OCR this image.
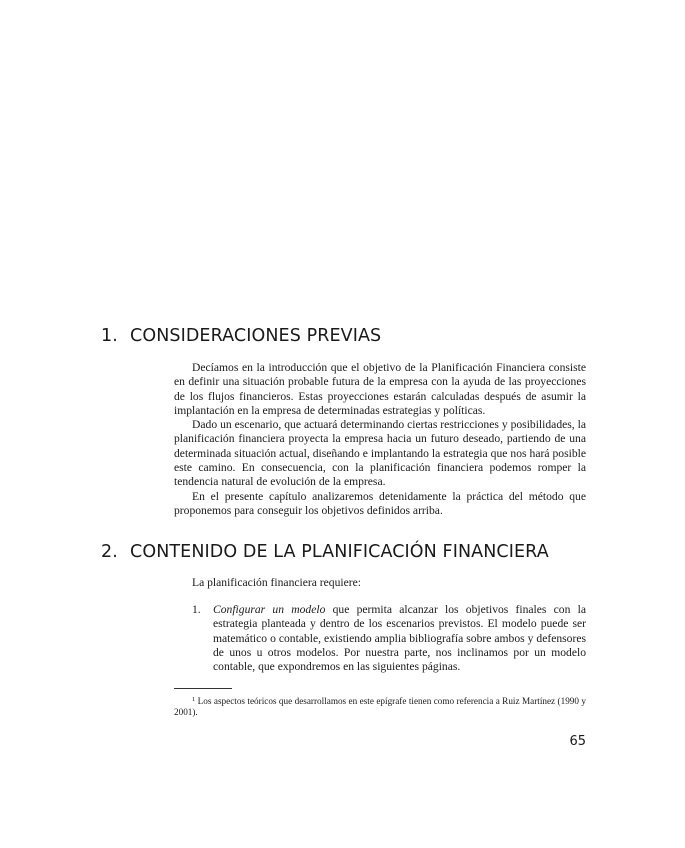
1. CONSIDERACIONES PREVIAS

Decíamos en la introducción que el objetivo de la Planificación Financiera consiste en definir una situación probable futura de la empresa con la ayuda de las proyecciones de los flujos financieros. Estas proyecciones estarán calculadas después de asumir la implantación en la empresa de determinadas estrategias y políticas.

Dado un escenario, que actuará determinando ciertas restricciones y posibilidades, la planificación financiera proyecta la empresa hacia un futuro deseado, partiendo de una determinada situación actual, diseñando e implantando la estrategia que nos hará posible este camino. En consecuencia, con la planificación financiera podemos romper la tendencia natural de evolución de la empresa.

En el presente capítulo analizaremos detenidamente la práctica del método que proponemos para conseguir los objetivos definidos arriba.

2. CONTENIDO DE LA PLANIFICACIÓN FINANCIERA

La planificación financiera requiere:

1. Configurar un modelo que permita alcanzar los objetivos finales con la estrategia planteada y dentro de los escenarios previstos. El modelo puede ser matemático o contable, existiendo amplia bibliografía sobre ambos y defensores de unos u otros modelos. Por nuestra parte, nos inclinamos por un modelo contable, que expondremos en las siguientes páginas.

$^1$ Los aspectos teóricos que desarrollamos en este epígrafe tienen como referencia a Ruiz Martínez (1990 y 2001).

65
